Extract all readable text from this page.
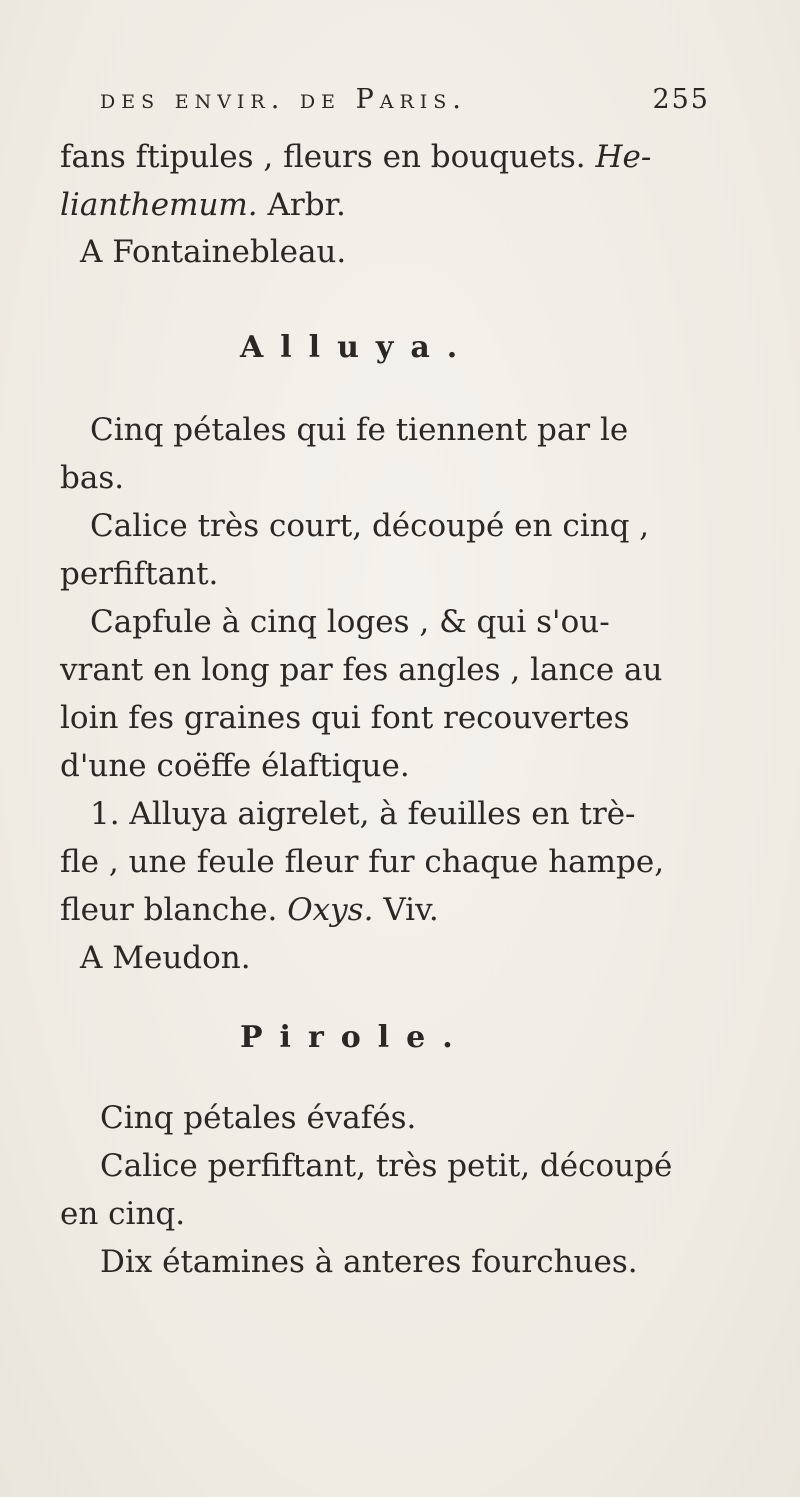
des envir. de Paris.	255
fans ftipules , fleurs en bouquets. He-
lianthemum. Arbr.
A Fontainebleau.
Alluya.
Cinq pétales qui fe tiennent par le
bas.
Calice très court, découpé en cinq ,
perfiftant.
Capfule à cinq loges , & qui s'ou-
vrant en long par fes angles , lance au
loin fes graines qui font recouvertes
d'une coëffe élaftique.
1. Alluya aigrelet, à feuilles en trè-
fle , une feule fleur fur chaque hampe,
fleur blanche. Oxys. Viv.
A Meudon.
Pirole.
Cinq pétales évafés.
Calice perfiftant, très petit, découpé
en cinq.
Dix étamines à anteres fourchues.
